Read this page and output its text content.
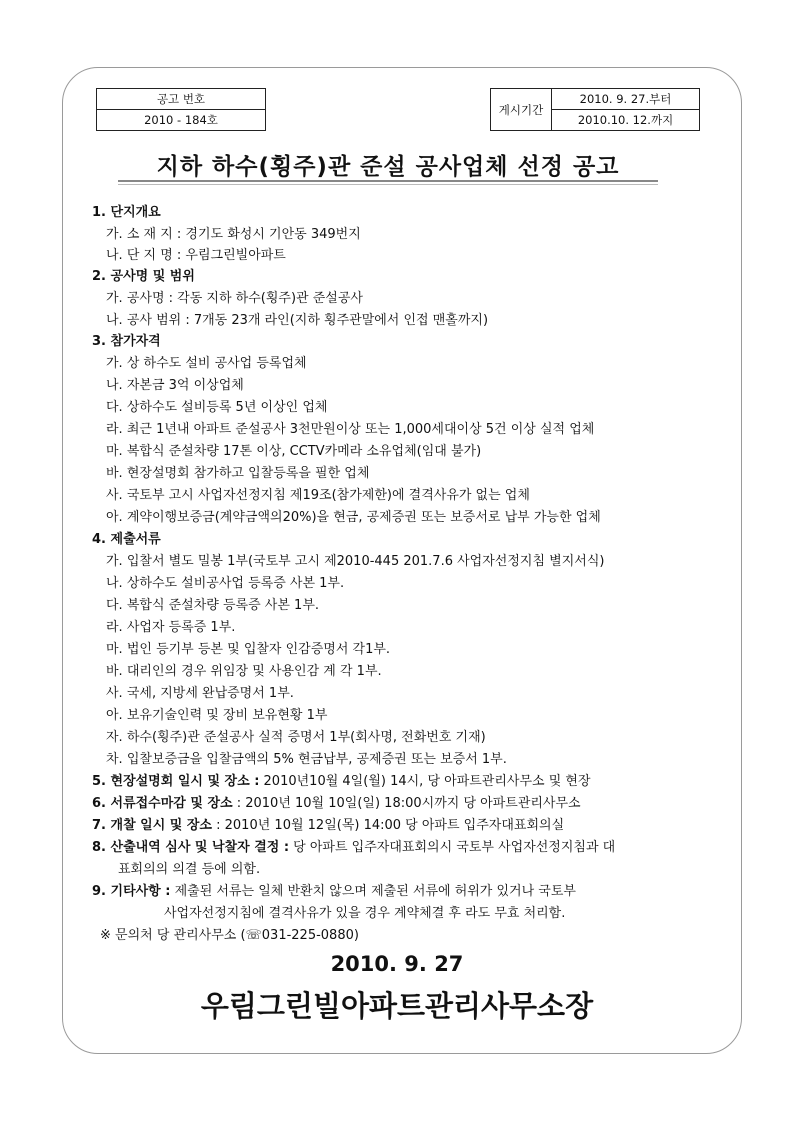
공고 번호
2010 - 184호
게시기간	2010. 9. 27.부터
2010.10. 12.까지
지하 하수(횡주)관 준설 공사업체 선정 공고
1. 단지개요
가. 소 재 지 : 경기도 화성시 기안동 349번지
나. 단 지 명 : 우림그린빌아파트
2. 공사명 및 범위
가. 공사명 : 각동 지하 하수(횡주)관 준설공사
나. 공사 범위 : 7개동 23개 라인(지하 횡주관말에서 인접 맨홀까지)
3. 참가자격
가. 상 하수도 설비 공사업 등록업체
나. 자본금 3억 이상업체
다. 상하수도 설비등록 5년 이상인 업체
라. 최근 1년내 아파트 준설공사 3천만원이상 또는 1,000세대이상 5건 이상 실적 업체
마. 복합식 준설차량 17톤 이상, CCTV카메라 소유업체(임대 불가)
바. 현장설명회 참가하고 입찰등록을 필한 업체
사. 국토부 고시 사업자선정지침 제19조(참가제한)에 결격사유가 없는 업체
아. 계약이행보증금(계약금액의20%)을 현금, 공제증권 또는 보증서로 납부 가능한 업체
4. 제출서류
가. 입찰서 별도 밀봉 1부(국토부 고시 제2010-445 201.7.6 사업자선정지침 별지서식)
나. 상하수도 설비공사업 등록증 사본 1부.
다. 복합식 준설차량 등록증 사본 1부.
라. 사업자 등록증 1부.
마. 법인 등기부 등본 및 입찰자 인감증명서 각1부.
바. 대리인의 경우 위임장 및 사용인감 계 각 1부.
사. 국세, 지방세 완납증명서 1부.
아. 보유기술인력 및 장비 보유현황 1부
자. 하수(횡주)관 준설공사 실적 증명서 1부(회사명, 전화번호 기재)
차. 입찰보증금을 입찰금액의 5% 현금납부, 공제증권 또는 보증서 1부.
5. 현장설명회 일시 및 장소 : 2010년10월 4일(월) 14시, 당 아파트관리사무소 및 현장
6. 서류접수마감 및 장소 : 2010년 10월 10일(일) 18:00시까지 당 아파트관리사무소
7. 개찰 일시 및 장소 : 2010년 10월 12일(목) 14:00 당 아파트 입주자대표회의실
8. 산출내역 심사 및 낙찰자 결정 : 당 아파트 입주자대표회의시 국토부 사업자선정지침과 대
표회의의 의결 등에 의함.
9. 기타사항 : 제출된 서류는 일체 반환치 않으며 제출된 서류에 허위가 있거나 국토부
사업자선정지침에 결격사유가 있을 경우 계약체결 후 라도 무효 처리함.
※ 문의처 당 관리사무소 (☏031-225-0880)
2010. 9. 27
우림그린빌아파트관리사무소장
